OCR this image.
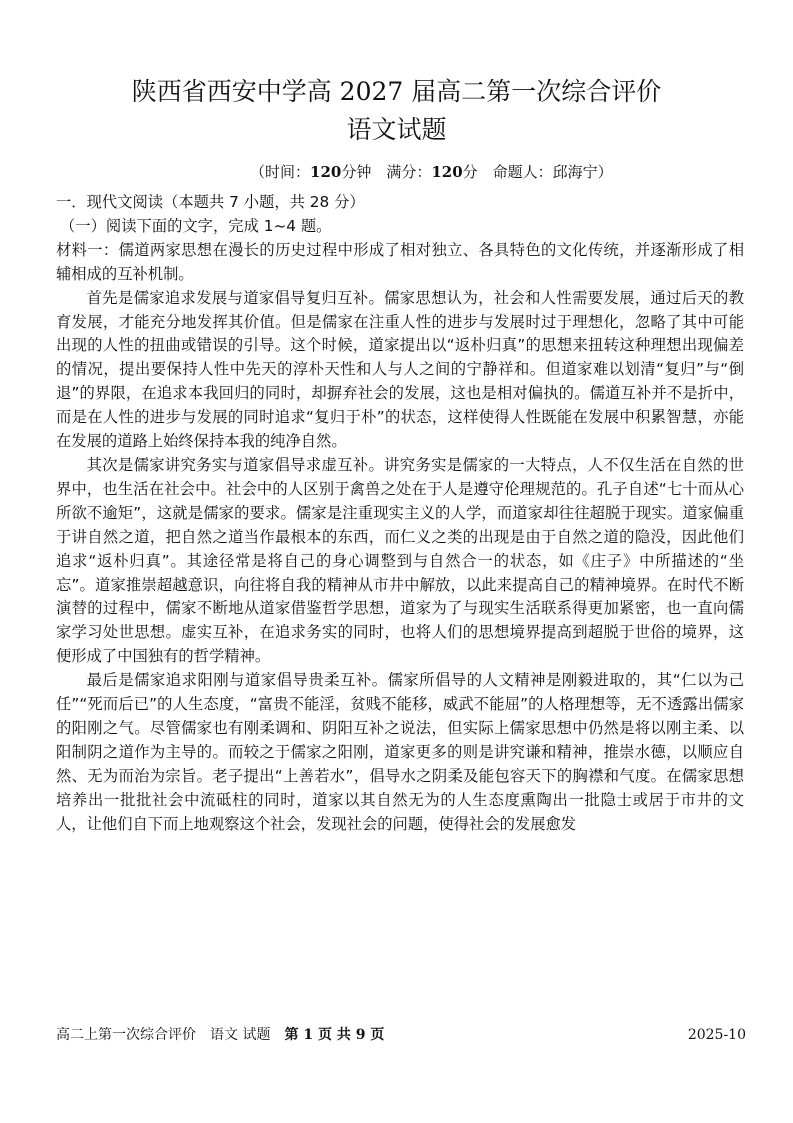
陕西省西安中学高 2027 届高二第一次综合评价
语文试题
（时间：120分钟　满分：120分　命题人：邱海宁）

一．现代文阅读（本题共 7 小题，共 28 分）

（一）阅读下面的文字，完成 1~4 题。

材料一：儒道两家思想在漫长的历史过程中形成了相对独立、各具特色的文化传统，并逐渐形成了相辅相成的互补机制。

首先是儒家追求发展与道家倡导复归互补。儒家思想认为，社会和人性需要发展，通过后天的教育发展，才能充分地发挥其价值。但是儒家在注重人性的进步与发展时过于理想化，忽略了其中可能出现的人性的扭曲或错误的引导。这个时候，道家提出以“返朴归真”的思想来扭转这种理想出现偏差的情况，提出要保持人性中先天的淳朴天性和人与人之间的宁静祥和。但道家难以划清“复归”与“倒退”的界限，在追求本我回归的同时，却摒弃社会的发展，这也是相对偏执的。儒道互补并不是折中，而是在人性的进步与发展的同时追求“复归于朴”的状态，这样使得人性既能在发展中积累智慧，亦能在发展的道路上始终保持本我的纯净自然。

其次是儒家讲究务实与道家倡导求虚互补。讲究务实是儒家的一大特点，人不仅生活在自然的世界中，也生活在社会中。社会中的人区别于禽兽之处在于人是遵守伦理规范的。孔子自述“七十而从心所欲不逾矩”，这就是儒家的要求。儒家是注重现实主义的人学，而道家却往往超脱于现实。道家偏重于讲自然之道，把自然之道当作最根本的东西，而仁义之类的出现是由于自然之道的隐没，因此他们追求“返朴归真”。其途径常是将自己的身心调整到与自然合一的状态，如《庄子》中所描述的“坐忘”。道家推崇超越意识，向往将自我的精神从市井中解放，以此来提高自己的精神境界。在时代不断演替的过程中，儒家不断地从道家借鉴哲学思想，道家为了与现实生活联系得更加紧密，也一直向儒家学习处世思想。虚实互补，在追求务实的同时，也将人们的思想境界提高到超脱于世俗的境界，这便形成了中国独有的哲学精神。

最后是儒家追求阳刚与道家倡导贵柔互补。儒家所倡导的人文精神是刚毅进取的，其“仁以为己任”“死而后已”的人生态度，“富贵不能淫，贫贱不能移，威武不能屈”的人格理想等，无不透露出儒家的阳刚之气。尽管儒家也有刚柔调和、阴阳互补之说法，但实际上儒家思想中仍然是将以刚主柔、以阳制阴之道作为主导的。而较之于儒家之阳刚，道家更多的则是讲究谦和精神，推崇水德，以顺应自然、无为而治为宗旨。老子提出“上善若水”，倡导水之阴柔及能包容天下的胸襟和气度。在儒家思想培养出一批批社会中流砥柱的同时，道家以其自然无为的人生态度熏陶出一批隐士或居于市井的文人，让他们自下而上地观察这个社会，发现社会的问题，使得社会的发展愈发

高二上第一次综合评价　语文 试题　第 1 页 共 9 页	2025-10
